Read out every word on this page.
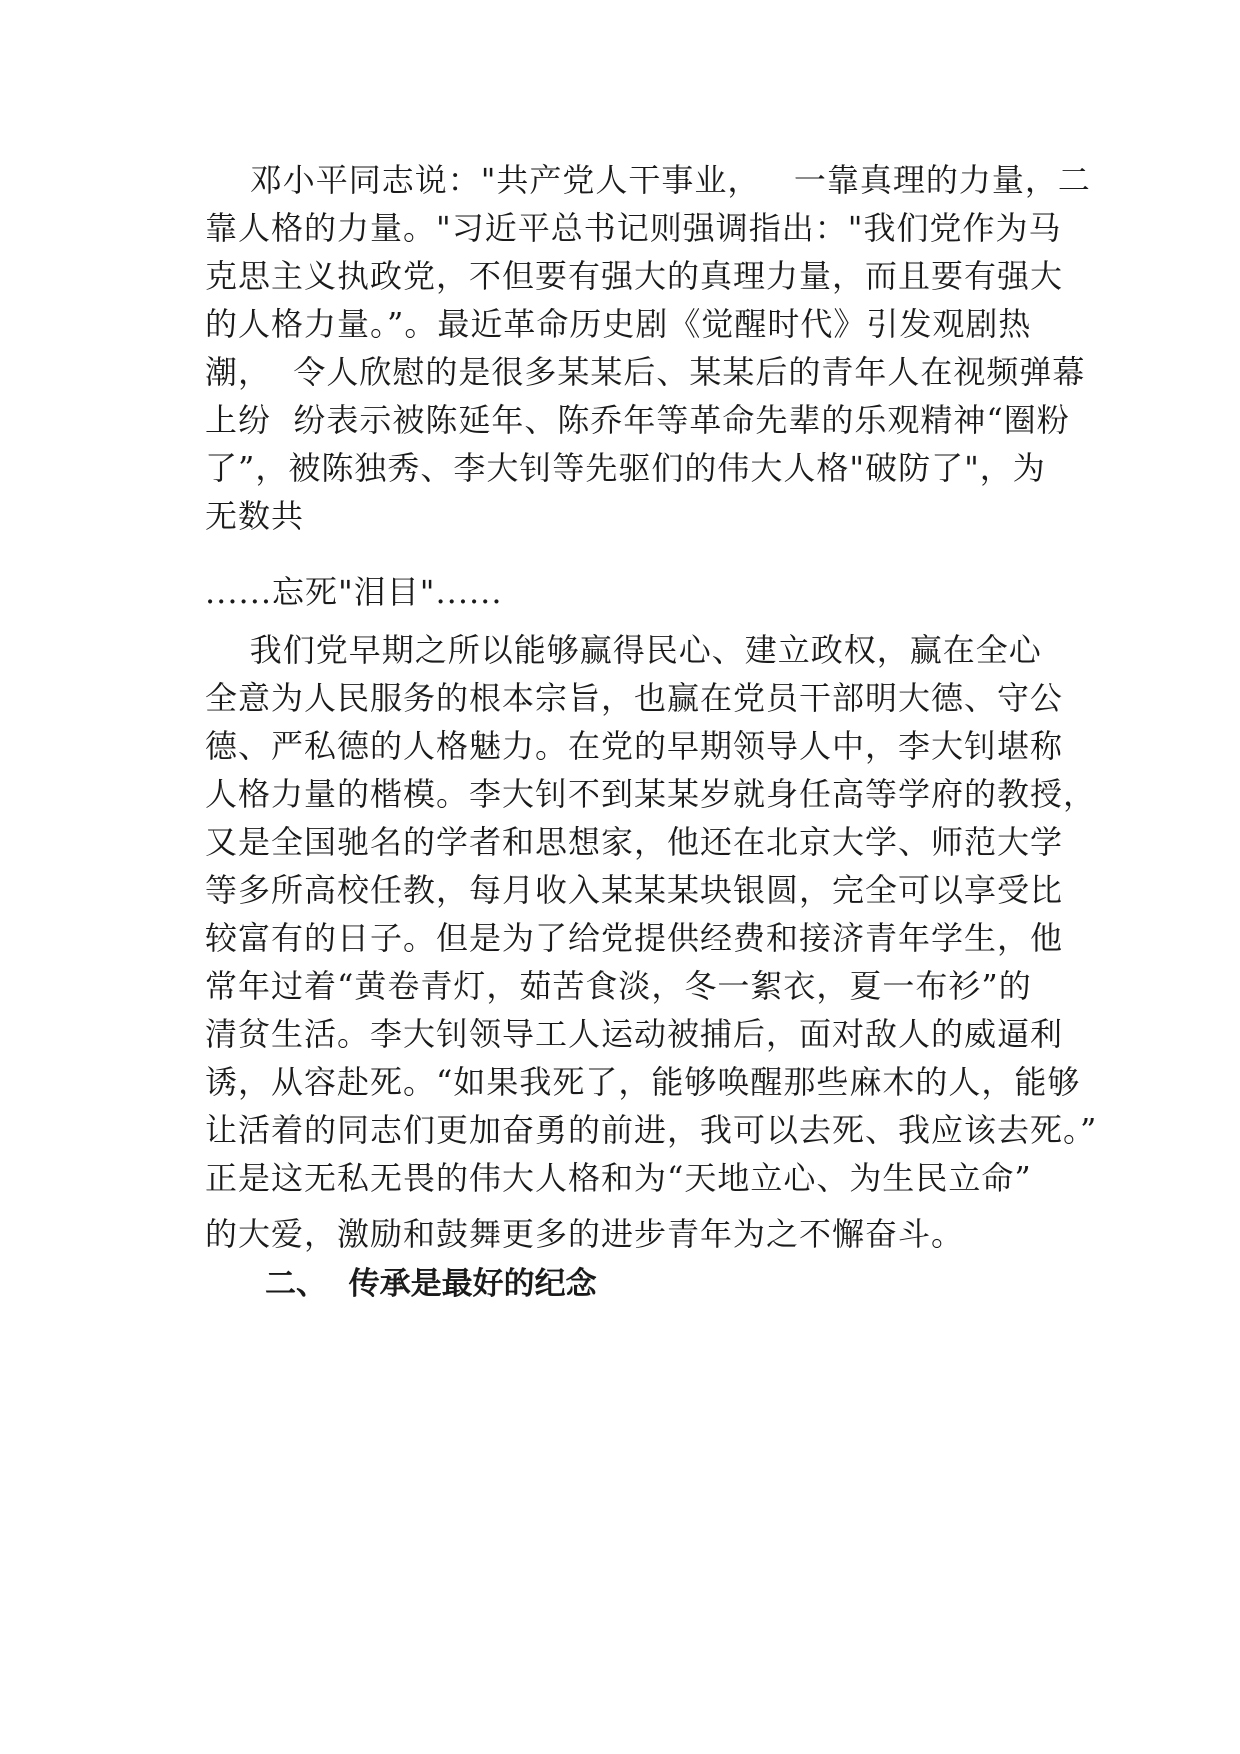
邓小平同志说："共产党人干事业，   一靠真理的力量，二
靠人格的力量。"习近平总书记则强调指出："我们党作为马
克思主义执政党，不但要有强大的真理力量，而且要有强大
的人格力量。”。最近革命历史剧《觉醒时代》引发观剧热
潮，  令人欣慰的是很多某某后、某某后的青年人在视频弹幕
上纷  纷表示被陈延年、陈乔年等革命先辈的乐观精神“圈粉
了”，被陈独秀、李大钊等先驱们的伟大人格"破防了"，为
无数共
......忘死"泪目"......
我们党早期之所以能够赢得民心、建立政权，赢在全心
全意为人民服务的根本宗旨，也赢在党员干部明大德、守公
德、严私德的人格魅力。在党的早期领导人中，李大钊堪称
人格力量的楷模。李大钊不到某某岁就身任高等学府的教授，
又是全国驰名的学者和思想家，他还在北京大学、师范大学
等多所高校任教，每月收入某某某块银圆，完全可以享受比
较富有的日子。但是为了给党提供经费和接济青年学生，他
常年过着“黄卷青灯，茹苦食淡，冬一絮衣，夏一布衫”的
清贫生活。李大钊领导工人运动被捕后，面对敌人的威逼利
诱，从容赴死。“如果我死了，能够唤醒那些麻木的人，能够
让活着的同志们更加奋勇的前进，我可以去死、我应该去死。”
正是这无私无畏的伟大人格和为“天地立心、为生民立命”
的大爱，激励和鼓舞更多的进步青年为之不懈奋斗。
二、  传承是最好的纪念
